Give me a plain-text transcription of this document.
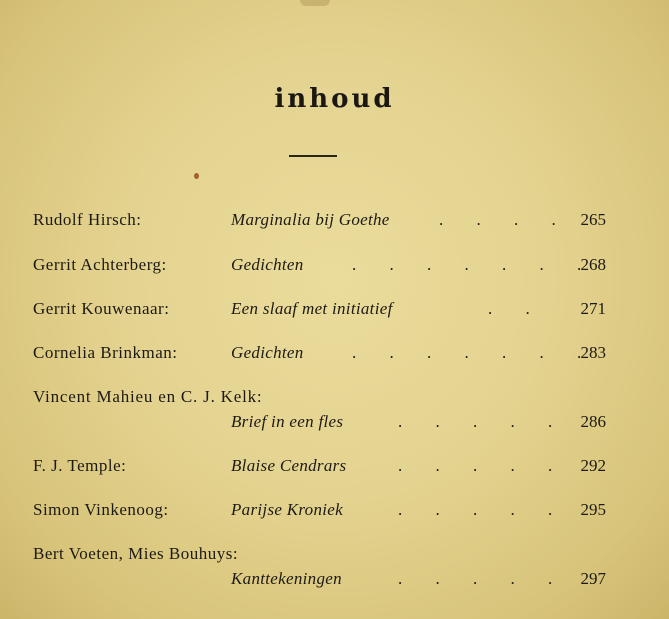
inhoud
Rudolf Hirsch:	Marginalia bij Goethe	. . . . 265
Gerrit Achterberg:	Gedichten	. . . . . . . 268
Gerrit Kouwenaar:	Een slaaf met initiatief	. .	271
Cornelia Brinkman:	Gedichten	. . . . . . . 283
Vincent Mahieu en C. J. Kelk:
Brief in een fles	. . . . . 286
F. J. Temple:	Blaise Cendrars	. . . . . 292
Simon Vinkenoog:	Parijse Kroniek	. . . . . 295
Bert Voeten, Mies Bouhuys:
Kanttekeningen	. . . . . 297
